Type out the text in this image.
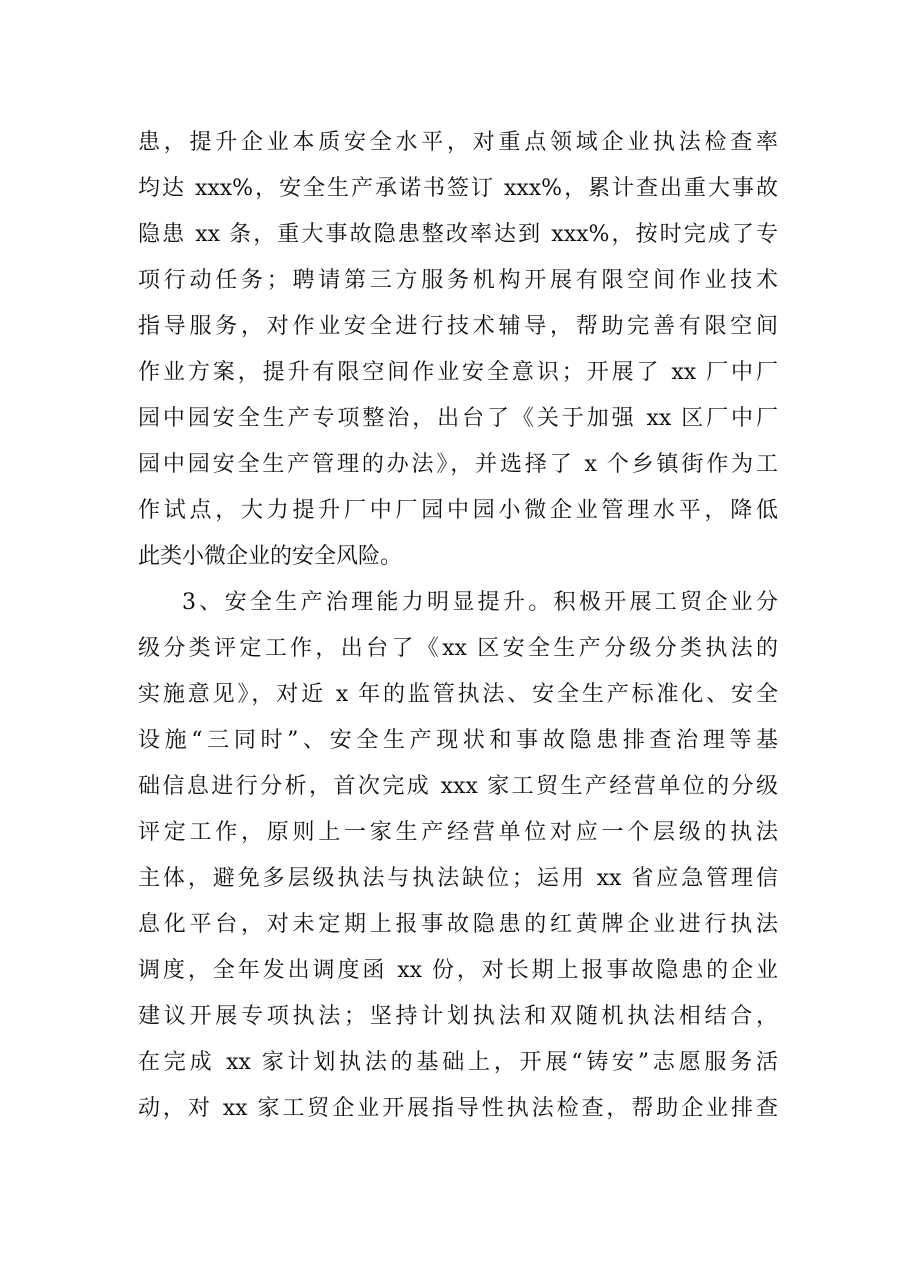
患，提升企业本质安全水平，对重点领域企业执法检查率
均达 xxx%，安全生产承诺书签订 xxx%，累计查出重大事故
隐患 xx 条，重大事故隐患整改率达到 xxx%，按时完成了专
项行动任务；聘请第三方服务机构开展有限空间作业技术
指导服务，对作业安全进行技术辅导，帮助完善有限空间
作业方案，提升有限空间作业安全意识；开展了 xx 厂中厂
园中园安全生产专项整治，出台了《关于加强 xx 区厂中厂
园中园安全生产管理的办法》，并选择了 x 个乡镇街作为工
作试点，大力提升厂中厂园中园小微企业管理水平，降低
此类小微企业的安全风险。
3、安全生产治理能力明显提升。积极开展工贸企业分
级分类评定工作，出台了《xx 区安全生产分级分类执法的
实施意见》，对近 x 年的监管执法、安全生产标准化、安全
设施“三同时”、安全生产现状和事故隐患排查治理等基
础信息进行分析，首次完成 xxx 家工贸生产经营单位的分级
评定工作，原则上一家生产经营单位对应一个层级的执法
主体，避免多层级执法与执法缺位；运用 xx 省应急管理信
息化平台，对未定期上报事故隐患的红黄牌企业进行执法
调度，全年发出调度函 xx 份，对长期上报事故隐患的企业
建议开展专项执法；坚持计划执法和双随机执法相结合，
在完成 xx 家计划执法的基础上，开展“铸安”志愿服务活
动，对 xx 家工贸企业开展指导性执法检查，帮助企业排查
